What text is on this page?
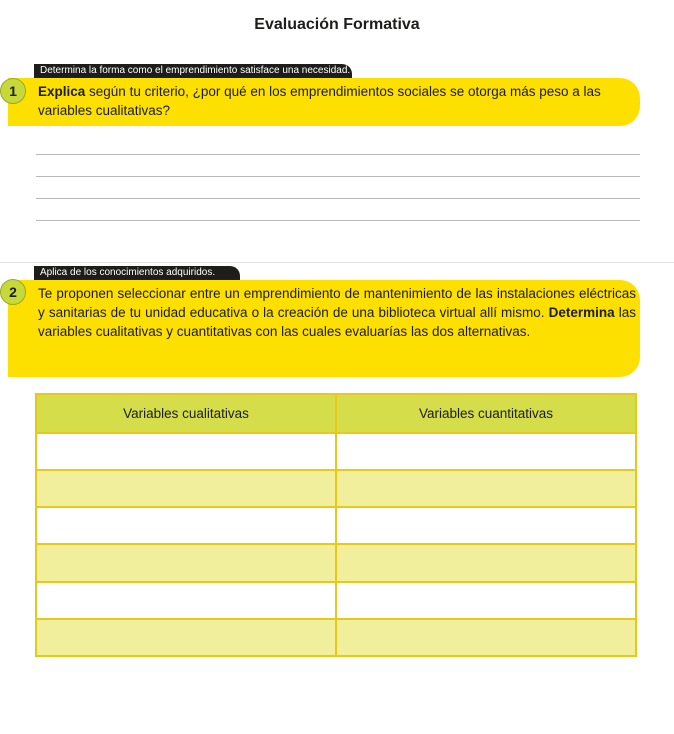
Evaluación Formativa
Determina la forma como el emprendimiento satisface una necesidad.
1	Explica según tu criterio, ¿por qué en los emprendimientos sociales se otorga más peso a las variables cualitativas?
Aplica de los conocimientos adquiridos.
2	Te proponen seleccionar entre un emprendimiento de mantenimiento de las instalaciones eléctricas y sanitarias de tu unidad educativa o la creación de una biblioteca virtual allí mismo. Determina las variables cualitativas y cuantitativas con las cuales evaluarías las dos alternativas.
Variables cualitativas	Variables cuantitativas
